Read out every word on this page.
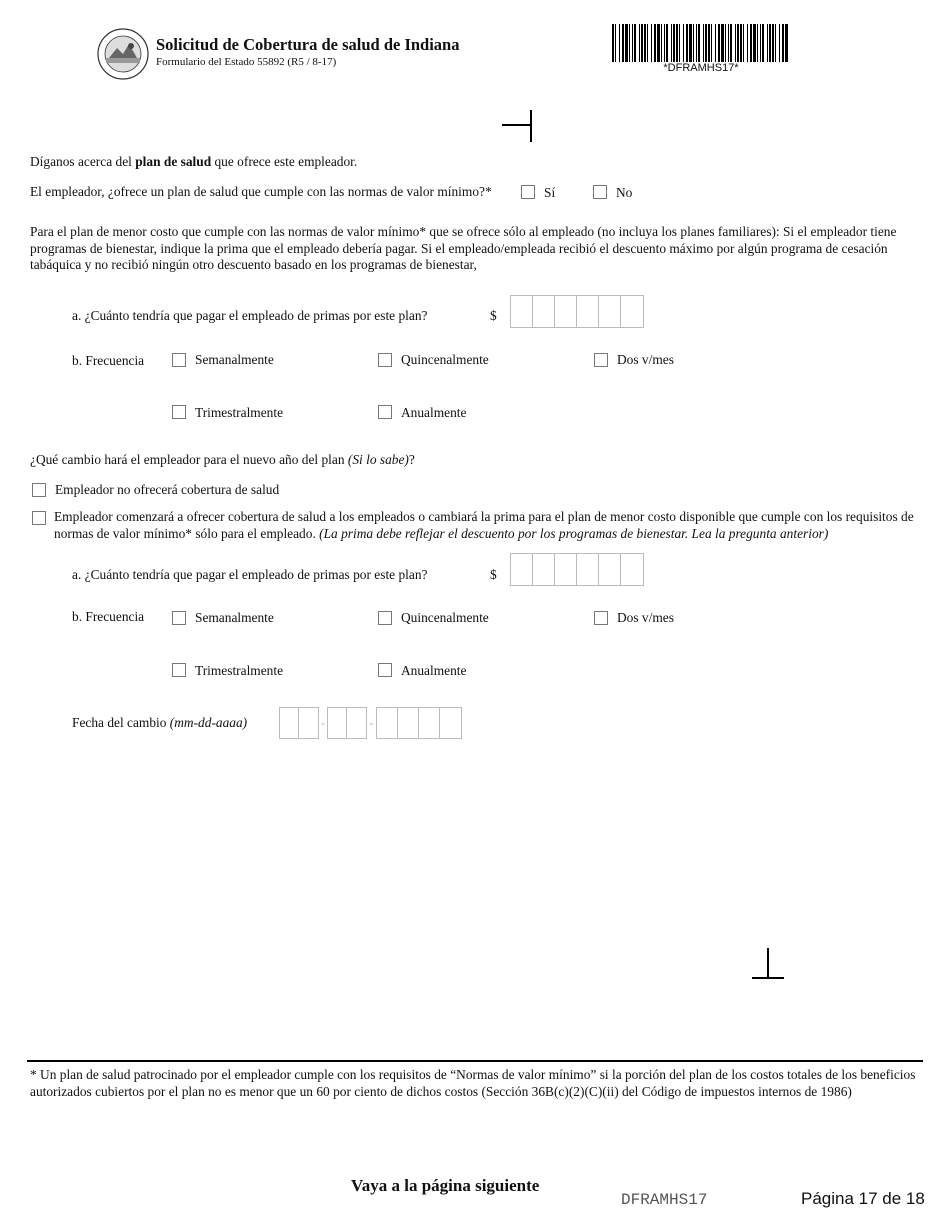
Solicitud de Cobertura de salud de Indiana
Formulario del Estado 55892 (R5 / 8-17)	*DFRAMHS17*
Díganos acerca del plan de salud que ofrece este empleador.
El empleador, ¿ofrece un plan de salud que cumple con las normas de valor mínimo?*	Sí	No
Para el plan de menor costo que cumple con las normas de valor mínimo* que se ofrece sólo al empleado (no incluya los planes familiares): Si el empleador tiene programas de bienestar, indique la prima que el empleado debería pagar. Si el empleado/empleada recibió el descuento máximo por algún programa de cesación tabáquica y no recibió ningún otro descuento basado en los programas de bienestar,
a. ¿Cuánto tendría que pagar el empleado de primas por este plan?	$
b. Frecuencia	Semanalmente	Quincenalmente	Dos v/mes
Trimestralmente	Anualmente
¿Qué cambio hará el empleador para el nuevo año del plan (Si lo sabe)?
Empleador no ofrecerá cobertura de salud
Empleador comenzará a ofrecer cobertura de salud a los empleados o cambiará la prima para el plan de menor costo disponible que cumple con los requisitos de normas de valor mínimo* sólo para el empleado. (La prima debe reflejar el descuento por los programas de bienestar. Lea la pregunta anterior)
a. ¿Cuánto tendría que pagar el empleado de primas por este plan?	$
b. Frecuencia	Semanalmente	Quincenalmente	Dos v/mes
Trimestralmente	Anualmente
Fecha del cambio (mm-dd-aaaa)	-	-
* Un plan de salud patrocinado por el empleador cumple con los requisitos de “Normas de valor mínimo” si la porción del plan de los costos totales de los beneficios autorizados cubiertos por el plan no es menor que un 60 por ciento de dichos costos (Sección 36B(c)(2)(C)(ii) del Código de impuestos internos de 1986)
Vaya a la página siguiente
DFRAMHS17	Página 17 de 18
